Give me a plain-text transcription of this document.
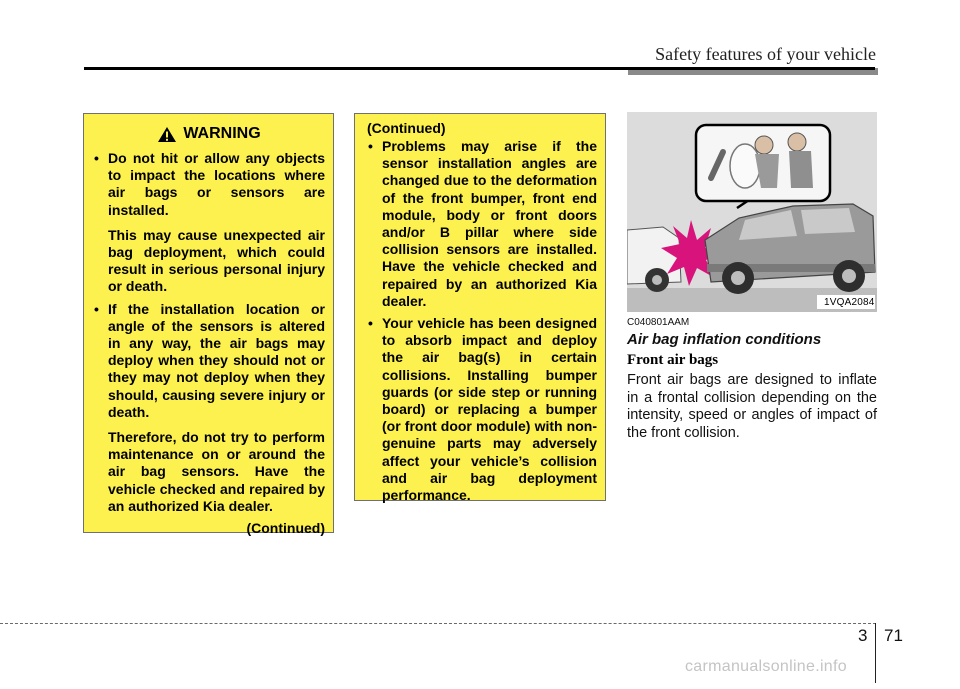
Safety features of your vehicle
WARNING
• Do not hit or allow any objects to impact the locations where air bags or sensors are installed.
This may cause unexpected air bag deployment, which could result in serious personal injury or death.
• If the installation location or angle of the sensors is altered in any way, the air bags may deploy when they should not or they may not deploy when they should, causing severe injury or death.
Therefore, do not try to perform maintenance on or around the air bag sensors. Have the vehicle checked and repaired by an authorized Kia dealer.
(Continued)
(Continued)
• Problems may arise if the sensor installation angles are changed due to the deformation of the front bumper, front end module, body or front doors and/or B pillar where side collision sensors are installed. Have the vehicle checked and repaired by an authorized Kia dealer.
• Your vehicle has been designed to absorb impact and deploy the air bag(s) in certain collisions. Installing bumper guards (or side step or running board) or replacing a bumper (or front door module) with non-genuine parts may adversely affect your vehicle’s collision and air bag deployment performance.
1VQA2084
C040801AAM
Air bag inflation conditions
Front air bags
Front air bags are designed to inflate in a frontal collision depending on the intensity, speed or angles of impact of the front collision.
3 71
carmanualsonline.info
